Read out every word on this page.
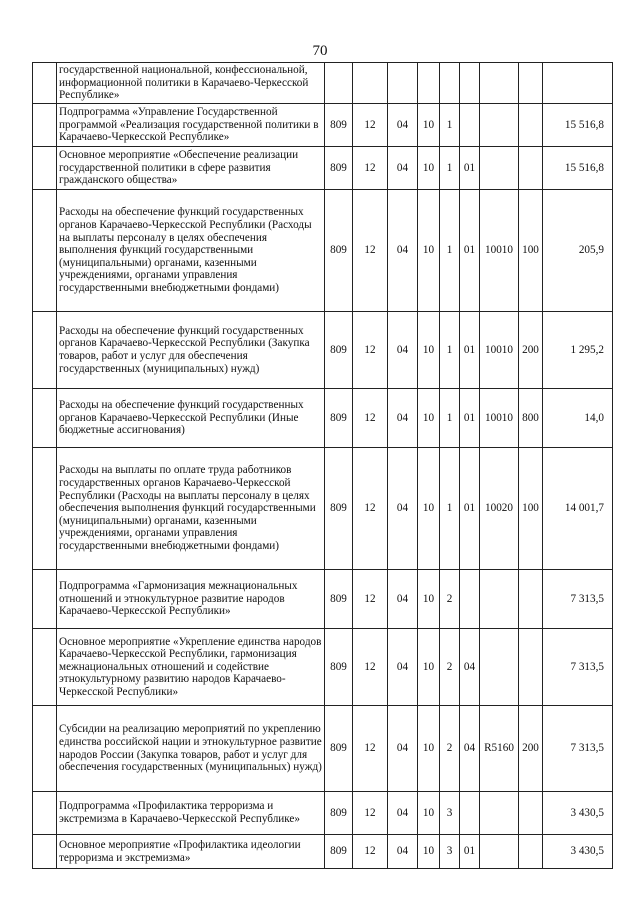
70
	государственной национальной, конфессиональной, информационной политики в Карачаево-Черкесской Республике»									
	Подпрограмма «Управление Государственной программой «Реализация государственной политики в Карачаево-Черкесской Республике»	809	12	04	10	1				15 516,8
	Основное мероприятие «Обеспечение реализации государственной политики в сфере развития гражданского общества»	809	12	04	10	1	01			15 516,8
	Расходы на обеспечение функций государственных органов Карачаево-Черкесской Республики (Расходы на выплаты персоналу в целях обеспечения выполнения функций государственными (муниципальными) органами, казенными учреждениями, органами управления государственными внебюджетными фондами)	809	12	04	10	1	01	10010	100	205,9
	Расходы на обеспечение функций государственных органов Карачаево-Черкесской Республики (Закупка товаров, работ и услуг для обеспечения государственных (муниципальных) нужд)	809	12	04	10	1	01	10010	200	1 295,2
	Расходы на обеспечение функций государственных органов Карачаево-Черкесской Республики (Иные бюджетные ассигнования)	809	12	04	10	1	01	10010	800	14,0
	Расходы на выплаты по оплате труда работников государственных органов Карачаево-Черкесской Республики (Расходы на выплаты персоналу в целях обеспечения выполнения функций государственными (муниципальными) органами, казенными учреждениями, органами управления государственными внебюджетными фондами)	809	12	04	10	1	01	10020	100	14 001,7
	Подпрограмма «Гармонизация межнациональных отношений и этнокультурное развитие народов Карачаево-Черкесской Республики»	809	12	04	10	2				7 313,5
	Основное мероприятие «Укрепление единства народов Карачаево-Черкесской Республики, гармонизация межнациональных отношений и содействие этнокультурному развитию народов Карачаево-Черкесской Республики»	809	12	04	10	2	04			7 313,5
	Субсидии на реализацию мероприятий по укреплению единства российской нации и этнокультурное развитие народов России (Закупка товаров, работ и услуг для обеспечения государственных (муниципальных) нужд)	809	12	04	10	2	04	R5160	200	7 313,5
	Подпрограмма «Профилактика терроризма и экстремизма в Карачаево-Черкесской Республике»	809	12	04	10	3				3 430,5
	Основное мероприятие «Профилактика идеологии терроризма и экстремизма»	809	12	04	10	3	01			3 430,5
